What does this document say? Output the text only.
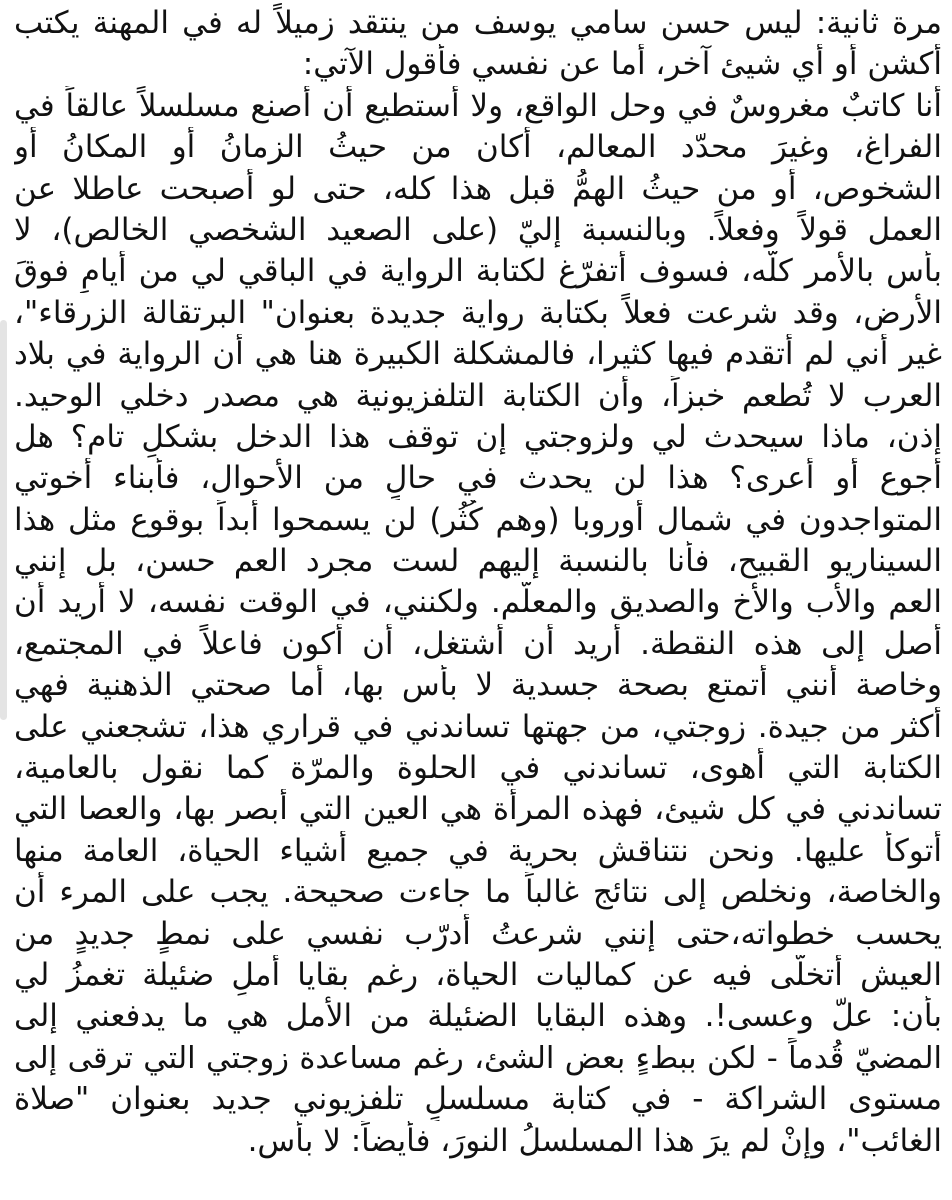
مرة ثانية: ليس حسن سامي يوسف من ينتقد زميلاً له في المهنة يكتب
أكشن أو أي شيئ آخر، أما عن نفسي فأقول الآتي:
أنا كاتبٌ مغروسٌ في وحل الواقع، ولا أستطيع أن أصنع مسلسلاً عالقاً في
الفراغ، وغيرَ محدّد المعالم، أكان من حيثُ الزمانُ أو المكانُ أو
الشخوص، أو من حيثُ الهمُّ قبل هذا كله، حتى لو أصبحت عاطلا عن
العمل قولاً وفعلاً. وبالنسبة إليّ (على الصعيد الشخصي الخالص)، لا
بأس بالأمر كلّه، فسوف أتفرّغ لكتابة الرواية في الباقي لي من أيامٍ فوقَ
الأرض، وقد شرعت فعلاً بكتابة رواية جديدة بعنوان" البرتقالة الزرقاء"،
غير أني لم أتقدم فيها كثيرا، فالمشكلة الكبيرة هنا هي أن الرواية في بلاد
العرب لا تُطعم خبزاً، وأن الكتابة التلفزيونية هي مصدر دخلي الوحيد.
إذن، ماذا سيحدث لي ولزوجتي إن توقف هذا الدخل بشكلٍ تام؟ هل
أجوع أو أعرى؟ هذا لن يحدث في حالٍ من الأحوال، فأبناء أخوتي
المتواجدون في شمال أوروبا (وهم كُثُر) لن يسمحوا أبداً بوقوع مثل هذا
السيناريو القبيح، فأنا بالنسبة إليهم لست مجرد العم حسن، بل إنني
العم والأب والأخ والصديق والمعلّم. ولكنني، في الوقت نفسه، لا أريد أن
أصل إلى هذه النقطة. أريد أن أشتغل، أن أكون فاعلاً في المجتمع،
وخاصة أنني أتمتع بصحة جسدية لا بأس بها، أما صحتي الذهنية فهي
أكثر من جيدة. زوجتي، من جهتها تساندني في قراري هذا، تشجعني على
الكتابة التي أهوى، تساندني في الحلوة والمرّة كما نقول بالعامية،
تساندني في كل شيئ، فهذه المرأة هي العين التي أبصر بها، والعصا التي
أتوكأ عليها. ونحن نتناقش بحرية في جميع أشياء الحياة، العامة منها
والخاصة، ونخلص إلى نتائج غالباً ما جاءت صحيحة. يجب على المرء أن
يحسب خطواته،حتى إنني شرعتُ أدرّب نفسي على نمطٍ جديدٍ من
العيش أتخلّى فيه عن كماليات الحياة، رغم بقايا أملٍ ضئيلة تغمزُ لي
بأن: علّ وعسى!. وهذه البقايا الضئيلة من الأمل هي ما يدفعني إلى
المضيّ قُدماً - لكن ببطءٍ بعض الشئ، رغم مساعدة زوجتي التي ترقى إلى
مستوى الشراكة - في كتابة مسلسلٍ تلفزيوني جديد بعنوان "صلاة
الغائب"، وإنْ لم يرَ هذا المسلسلُ النورَ، فأيضاً: لا بأس.
